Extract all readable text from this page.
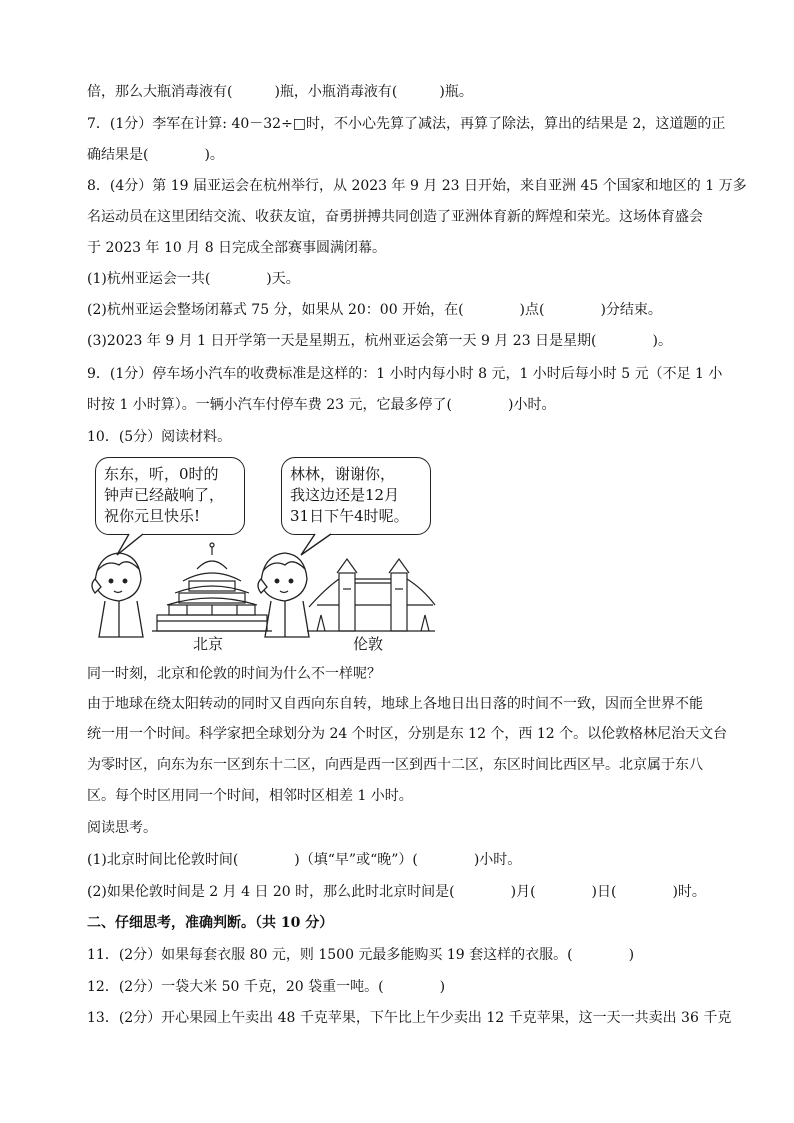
倍，那么大瓶消毒液有(　　　)瓶，小瓶消毒液有(　　　)瓶。
7．(1分）李军在计算: 40－32÷□时，不小心先算了减法，再算了除法，算出的结果是 2，这道题的正
确结果是(　　　　)。
8．(4分）第 19 届亚运会在杭州举行，从 2023 年 9 月 23 日开始，来自亚洲 45 个国家和地区的 1 万多
名运动员在这里团结交流、收获友谊，奋勇拼搏共同创造了亚洲体育新的辉煌和荣光。这场体育盛会
于 2023 年 10 月 8 日完成全部赛事圆满闭幕。
(1)杭州亚运会一共(　　　　)天。
(2)杭州亚运会整场闭幕式 75 分，如果从 20：00 开始，在(　　　　)点(　　　　)分结束。
(3)2023 年 9 月 1 日开学第一天是星期五，杭州亚运会第一天 9 月 23 日是星期(　　　　)。
9．(1分）停车场小汽车的收费标准是这样的：1 小时内每小时 8 元，1 小时后每小时 5 元（不足 1 小
时按 1 小时算）。一辆小汽车付停车费 23 元，它最多停了(　　　　)小时。
10．(5分）阅读材料。
东东，听，0时的
钟声已经敲响了，
祝你元旦快乐!
林林，谢谢你，
我这边还是12月
31日下午4时呢。
北京	伦敦
同一时刻，北京和伦敦的时间为什么不一样呢？
由于地球在绕太阳转动的同时又自西向东自转，地球上各地日出日落的时间不一致，因而全世界不能
统一用一个时间。科学家把全球划分为 24 个时区，分别是东 12 个，西 12 个。以伦敦格林尼治天文台
为零时区，向东为东一区到东十二区，向西是西一区到西十二区，东区时间比西区早。北京属于东八
区。每个时区用同一个时间，相邻时区相差 1 小时。
阅读思考。
(1)北京时间比伦敦时间(　　　　)（填“早”或“晚”）(　　　　)小时。
(2)如果伦敦时间是 2 月 4 日 20 时，那么此时北京时间是(　　　　)月(　　　　)日(　　　　)时。
二、仔细思考，准确判断。（共 10 分）
11．(2分）如果每套衣服 80 元，则 1500 元最多能购买 19 套这样的衣服。(　　　　)
12．(2分）一袋大米 50 千克，20 袋重一吨。(　　　　)
13．(2分）开心果园上午卖出 48 千克苹果，下午比上午少卖出 12 千克苹果，这一天一共卖出 36 千克
